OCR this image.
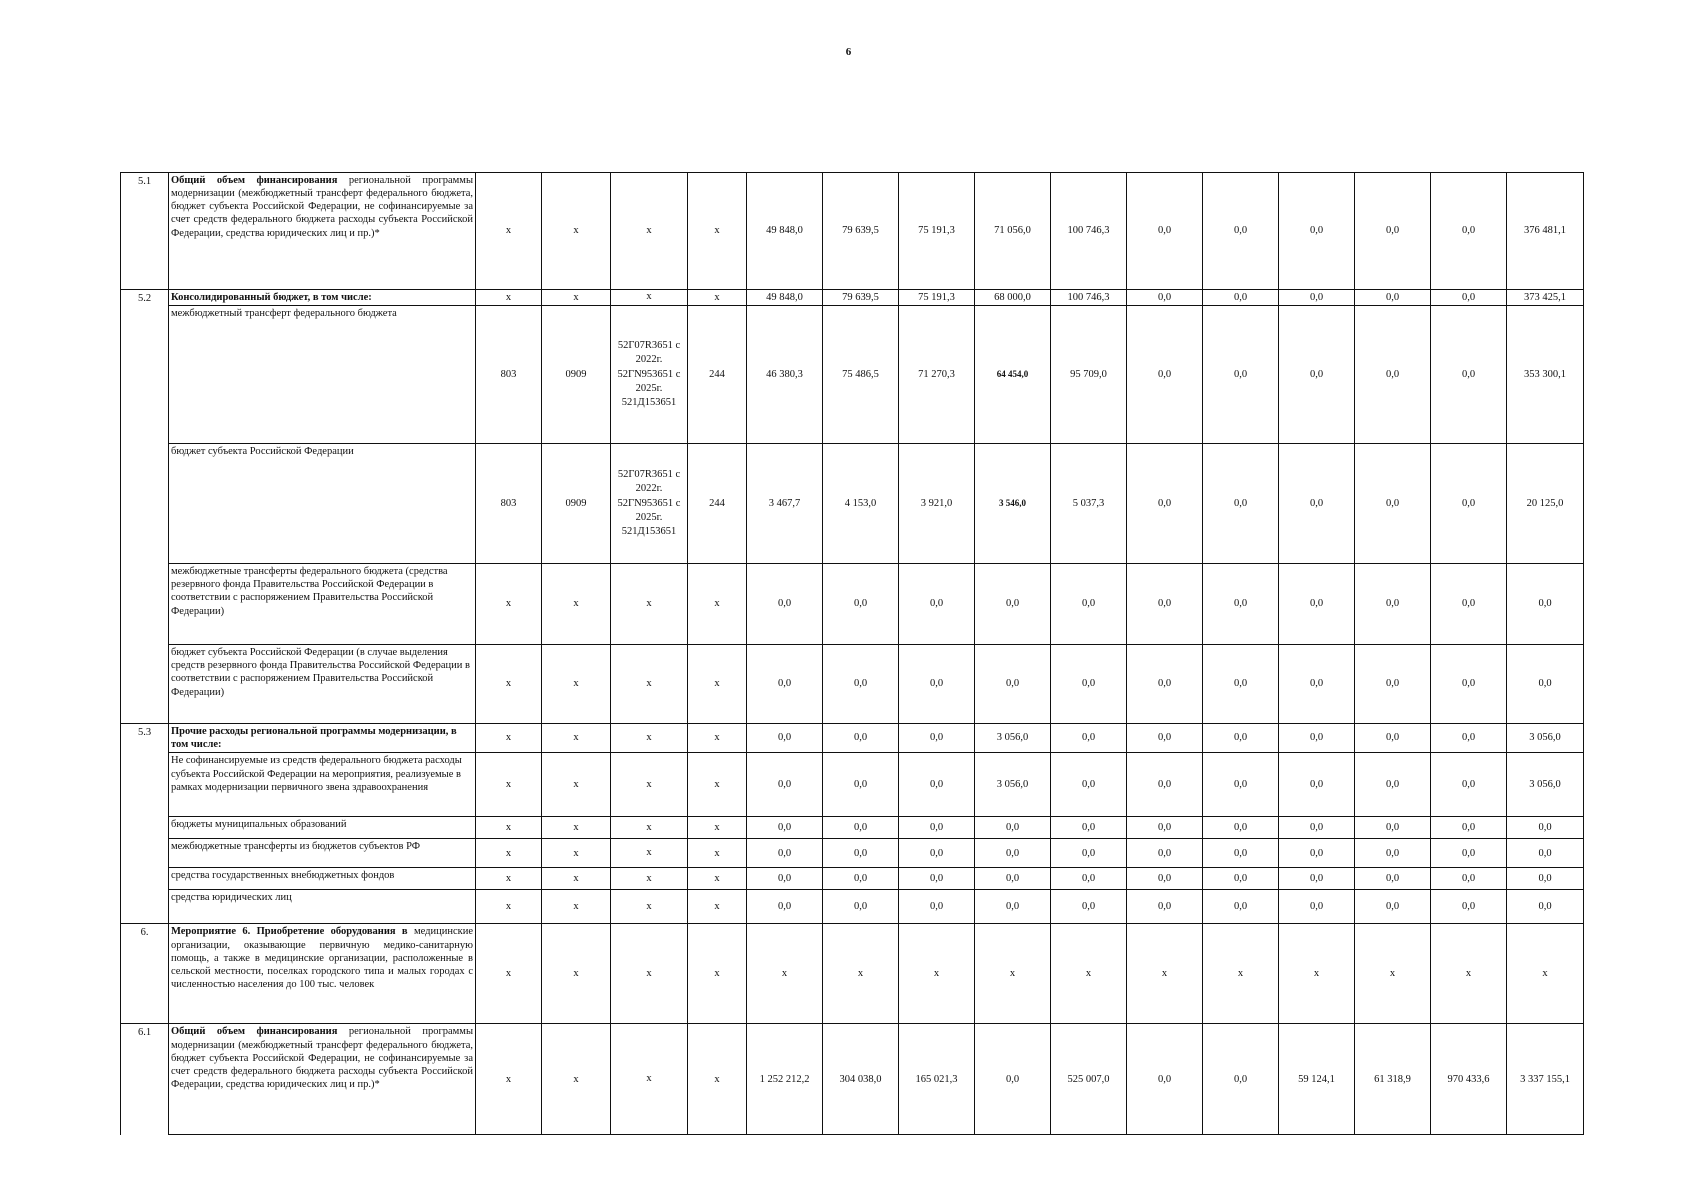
6
5.1	Общий объем финансирования региональной программы модернизации (межбюджетный трансферт федерального бюджета, бюджет субъекта Российской Федерации, не софинансируемые за счет средств федерального бюджета расходы субъекта Российской Федерации, средства юридических лиц и пр.)*	x	x	x	x	49 848,0	79 639,5	75 191,3	71 056,0	100 746,3	0,0	0,0	0,0	0,0	0,0	376 481,1
5.2	Консолидированный бюджет, в том числе:	x	x	x	x	49 848,0	79 639,5	75 191,3	68 000,0	100 746,3	0,0	0,0	0,0	0,0	0,0	373 425,1
	межбюджетный трансферт федерального бюджета	803	0909	52Г07R3651 с 2022г. 52ГN953651 с 2025г. 521Д153651	244	46 380,3	75 486,5	71 270,3	64 454,0	95 709,0	0,0	0,0	0,0	0,0	0,0	353 300,1
	бюджет субъекта Российской Федерации	803	0909	52Г07R3651 с 2022г. 52ГN953651 с 2025г. 521Д153651	244	3 467,7	4 153,0	3 921,0	3 546,0	5 037,3	0,0	0,0	0,0	0,0	0,0	20 125,0
	межбюджетные трансферты федерального бюджета (средства резервного фонда Правительства Российской Федерации в соответствии с распоряжением Правительства Российской Федерации)	x	x	x	x	0,0	0,0	0,0	0,0	0,0	0,0	0,0	0,0	0,0	0,0	0,0
	бюджет субъекта Российской Федерации (в случае выделения средств резервного фонда Правительства Российской Федерации в соответствии с распоряжением Правительства Российской Федерации)	x	x	x	x	0,0	0,0	0,0	0,0	0,0	0,0	0,0	0,0	0,0	0,0	0,0
5.3	Прочие расходы региональной программы модернизации, в том числе:	x	x	x	x	0,0	0,0	0,0	3 056,0	0,0	0,0	0,0	0,0	0,0	0,0	3 056,0
	Не софинансируемые из средств федерального бюджета расходы субъекта Российской Федерации на мероприятия, реализуемые в рамках модернизации первичного звена здравоохранения	x	x	x	x	0,0	0,0	0,0	3 056,0	0,0	0,0	0,0	0,0	0,0	0,0	3 056,0
	бюджеты муниципальных образований	x	x	x	x	0,0	0,0	0,0	0,0	0,0	0,0	0,0	0,0	0,0	0,0	0,0
	межбюджетные трансферты из бюджетов субъектов РФ	x	x	x	x	0,0	0,0	0,0	0,0	0,0	0,0	0,0	0,0	0,0	0,0	0,0
	средства государственных внебюджетных фондов	x	x	x	x	0,0	0,0	0,0	0,0	0,0	0,0	0,0	0,0	0,0	0,0	0,0
	средства юридических лиц	x	x	x	x	0,0	0,0	0,0	0,0	0,0	0,0	0,0	0,0	0,0	0,0	0,0
6.	Мероприятие 6. Приобретение оборудования в медицинские организации, оказывающие первичную медико-санитарную помощь, а также в медицинские организации, расположенные в сельской местности, поселках городского типа и малых городах с численностью населения до 100 тыс. человек	x	x	x	x	x	x	x	x	x	x	x	x	x	x	x
6.1	Общий объем финансирования региональной программы модернизации (межбюджетный трансферт федерального бюджета, бюджет субъекта Российской Федерации, не софинансируемые за счет средств федерального бюджета расходы субъекта Российской Федерации, средства юридических лиц и пр.)*	x	x	x	x	1 252 212,2	304 038,0	165 021,3	0,0	525 007,0	0,0	0,0	59 124,1	61 318,9	970 433,6	3 337 155,1
